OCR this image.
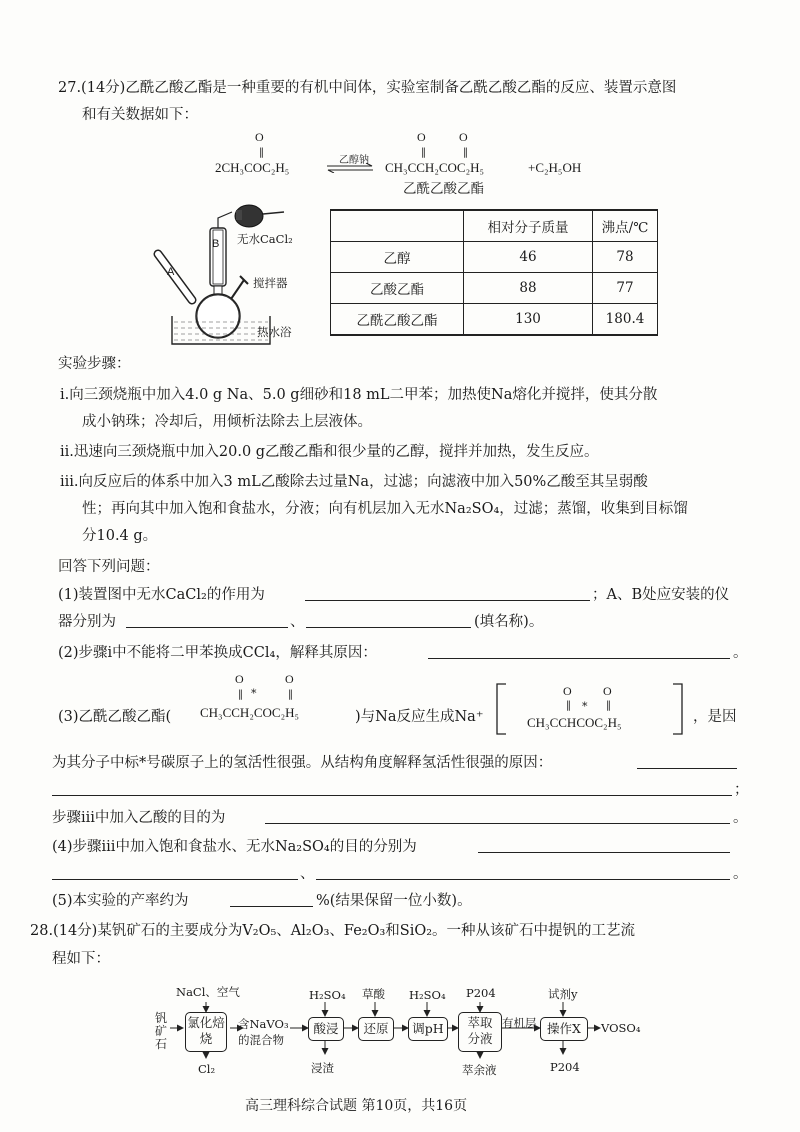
27.(14分)乙酰乙酸乙酯是一种重要的有机中间体，实验室制备乙酰乙酸乙酯的反应、装置示意图
和有关数据如下：
O
‖
2CH₃COC₂H₅	乙醇钠
O	O
‖	‖
CH₃CCH₂COC₂H₅	+C₂H₅OH
乙酰乙酸乙酯
B
A
无水CaCl₂
搅拌器
热水浴
	相对分子质量	沸点/℃
乙醇	46	78
乙酸乙酯	88	77
乙酰乙酸乙酯	130	180.4
实验步骤：
ⅰ.向三颈烧瓶中加入4.0 g Na、5.0 g细砂和18 mL二甲苯；加热使Na熔化并搅拌，使其分散
成小钠珠；冷却后，用倾析法除去上层液体。
ⅱ.迅速向三颈烧瓶中加入20.0 g乙酸乙酯和很少量的乙醇，搅拌并加热，发生反应。
ⅲ.向反应后的体系中加入3 mL乙酸除去过量Na，过滤；向滤液中加入50%乙酸至其呈弱酸
性；再向其中加入饱和食盐水，分液；向有机层加入无水Na₂SO₄，过滤；蒸馏，收集到目标馏
分10.4 g。
回答下列问题：
(1)装置图中无水CaCl₂的作用为	；A、B处应安装的仪
器分别为	、	(填名称)。
(2)步骤ⅰ中不能将二甲苯换成CCl₄，解释其原因：	。
(3)乙酰乙酸乙酯(
O	O
‖	‖
*
CH₃CCH₂COC₂H₅	)与Na反应生成Na⁺
O	O
‖	‖
*
CH₃CCHCOC₂H₅	，是因
为其分子中标*号碳原子上的氢活性很强。从结构角度解释氢活性很强的原因：
；
步骤ⅲ中加入乙酸的目的为	。
(4)步骤ⅲ中加入饱和食盐水、无水Na₂SO₄的目的分别为
、	。
(5)本实验的产率约为	%(结果保留一位小数)。
28.(14分)某钒矿石的主要成分为V₂O₅、Al₂O₃、Fe₂O₃和SiO₂。一种从该矿石中提钒的工艺流
程如下：
钒矿石
NaCl、空气
氯化焙烧
Cl₂
含NaVO₃
的混合物
H₂SO₄
酸浸
浸渣
草酸
还原
H₂SO₄
调pH
P204
萃取
分液
萃余液
有机层
试剂y
操作X
P204
VOSO₄
高三理科综合试题 第10页，共16页
